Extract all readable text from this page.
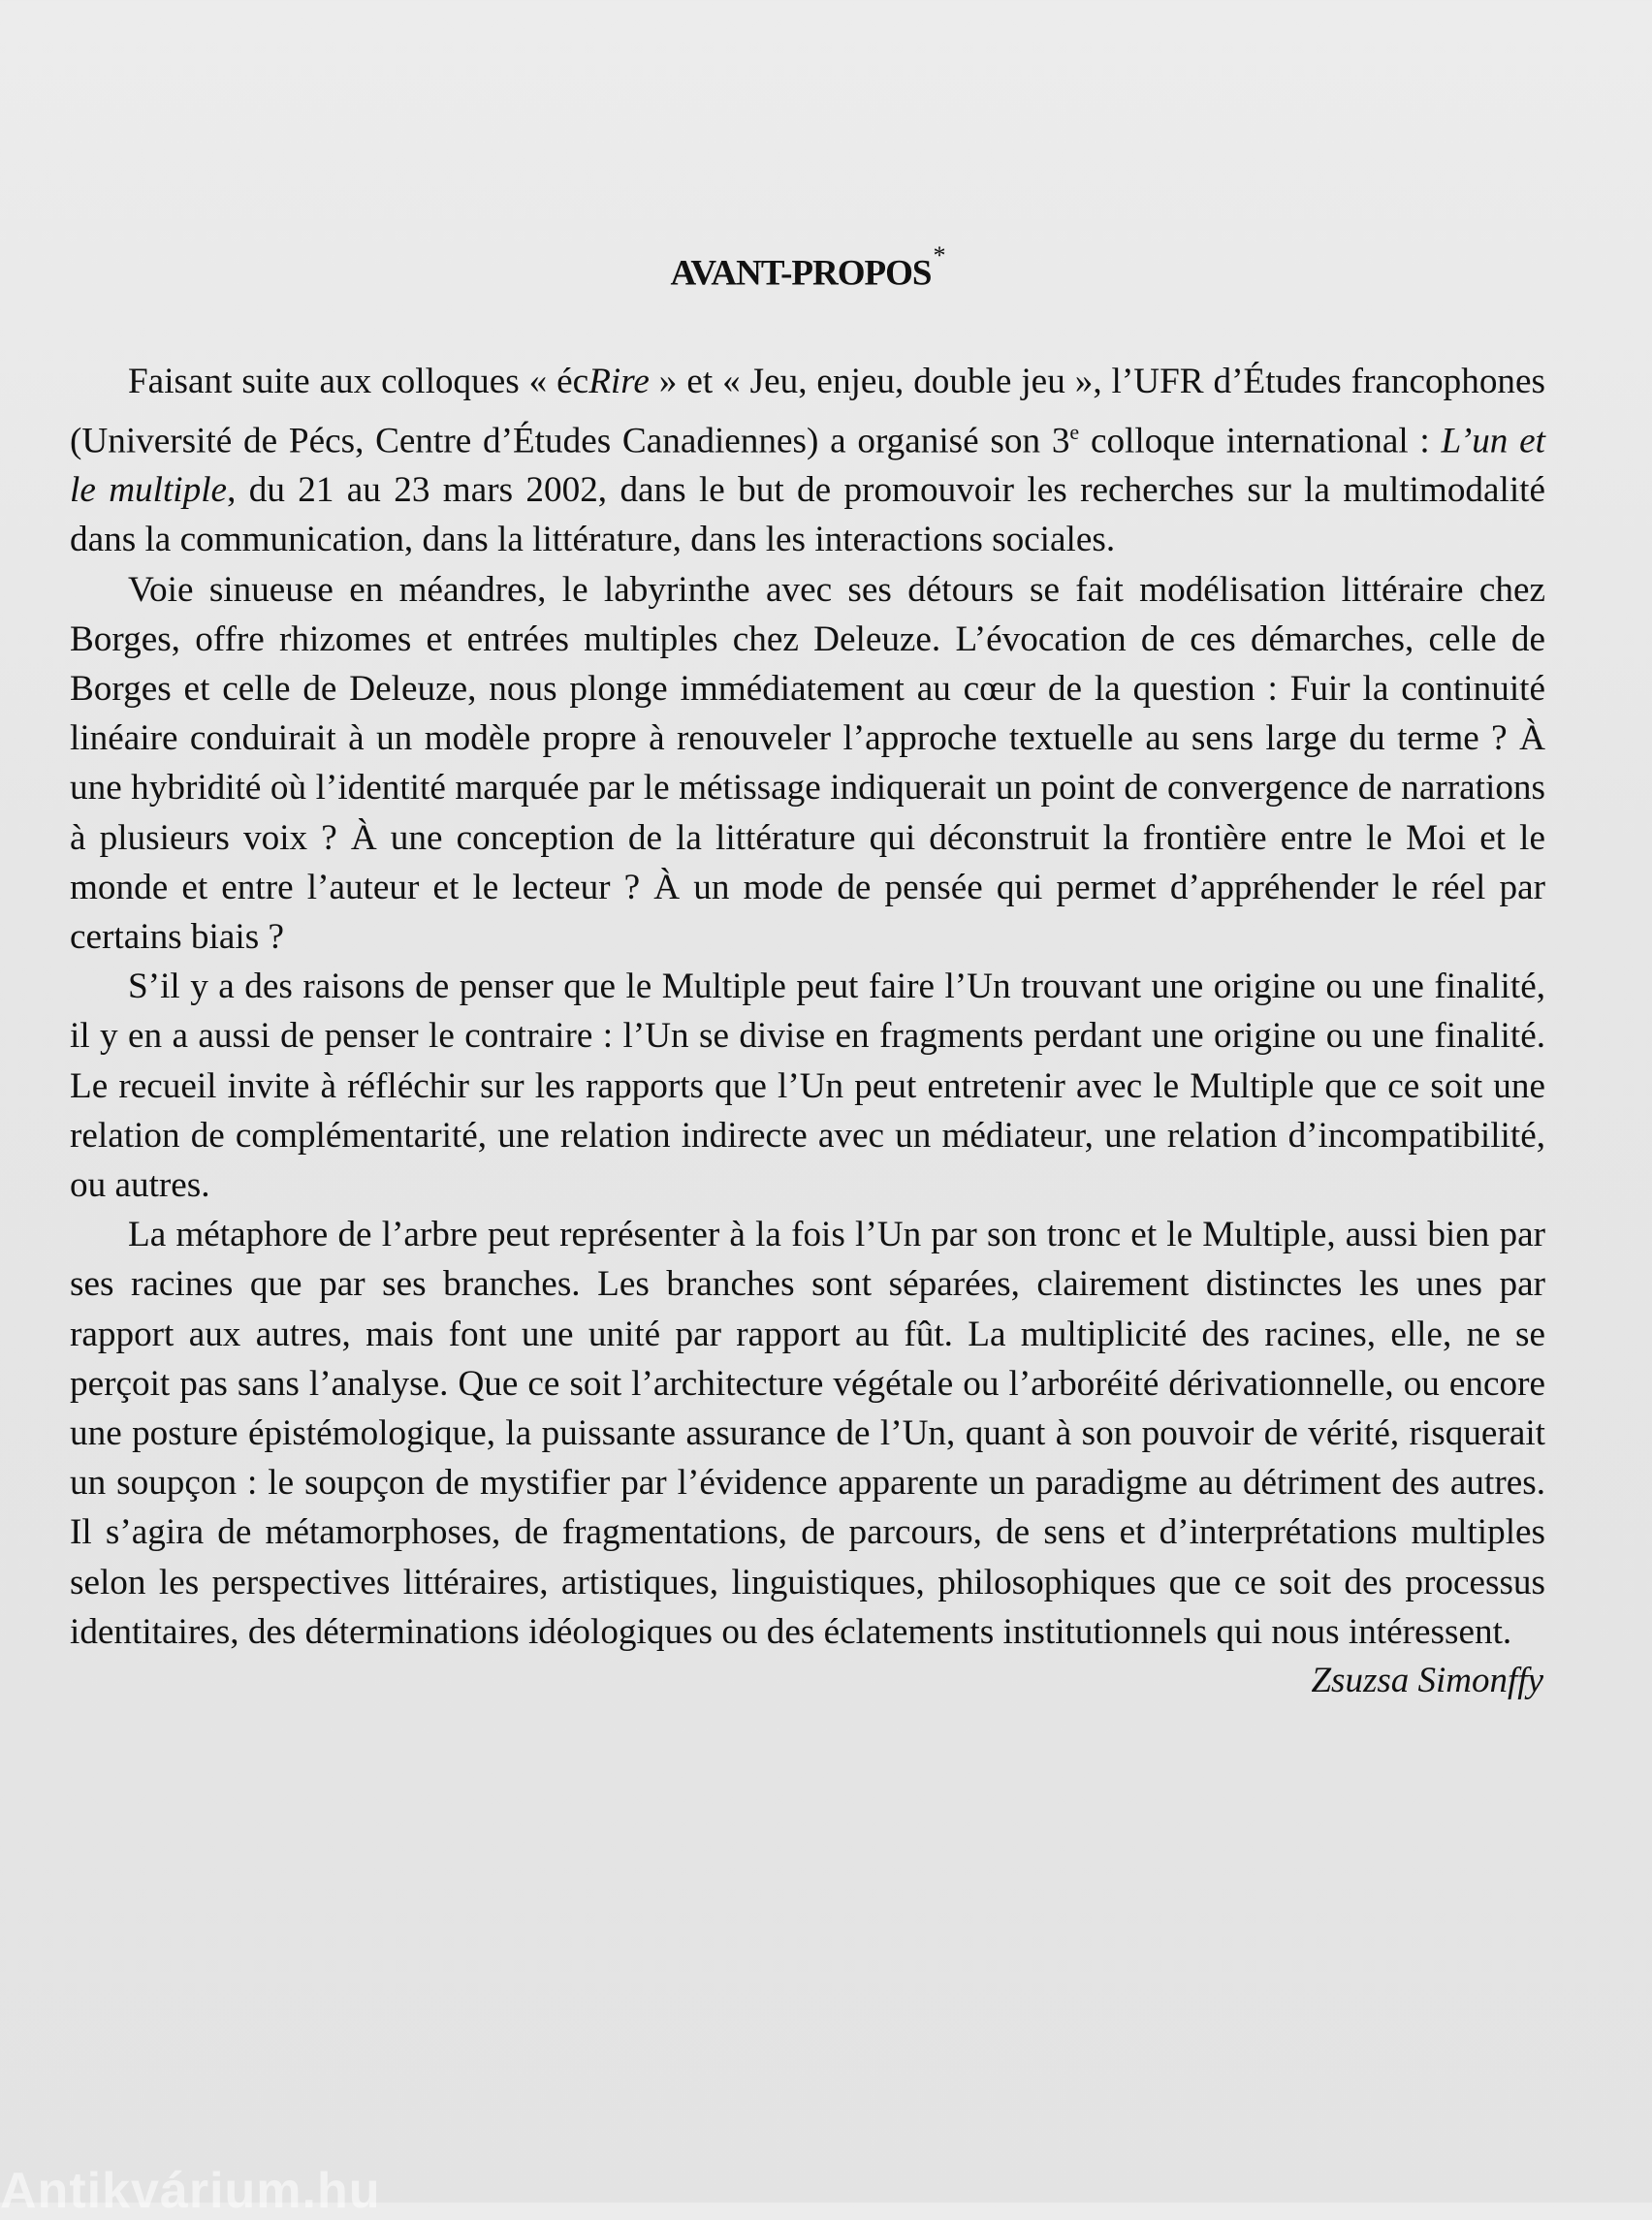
AVANT-PROPOS*

Faisant suite aux colloques « écRire » et « Jeu, enjeu, double jeu », l’UFR d’Études francophones (Université de Pécs, Centre d’Études Canadiennes) a organisé son 3e colloque international : L’un et le multiple, du 21 au 23 mars 2002, dans le but de promouvoir les recherches sur la multimodalité dans la communication, dans la littérature, dans les interactions sociales.

Voie sinueuse en méandres, le labyrinthe avec ses détours se fait modélisation littéraire chez Borges, offre rhizomes et entrées multiples chez Deleuze. L’évocation de ces démarches, celle de Borges et celle de Deleuze, nous plonge immédiatement au cœur de la question : Fuir la continuité linéaire conduirait à un modèle propre à renouveler l’approche textuelle au sens large du terme ? À une hybridité où l’identité marquée par le métissage indiquerait un point de convergence de narrations à plusieurs voix ? À une conception de la littérature qui déconstruit la frontière entre le Moi et le monde et entre l’auteur et le lecteur ? À un mode de pensée qui permet d’appréhender le réel par certains biais ?

S’il y a des raisons de penser que le Multiple peut faire l’Un trouvant une origine ou une finalité, il y en a aussi de penser le contraire : l’Un se divise en fragments perdant une origine ou une finalité. Le recueil invite à réfléchir sur les rapports que l’Un peut entretenir avec le Multiple que ce soit une relation de complémentarité, une relation indirecte avec un médiateur, une relation d’incompatibilité, ou autres.

La métaphore de l’arbre peut représenter à la fois l’Un par son tronc et le Multiple, aussi bien par ses racines que par ses branches. Les branches sont séparées, clairement distinctes les unes par rapport aux autres, mais font une unité par rapport au fût. La multiplicité des racines, elle, ne se perçoit pas sans l’analyse. Que ce soit l’architecture végétale ou l’arboréité dérivationnelle, ou encore une posture épistémologique, la puissante assurance de l’Un, quant à son pouvoir de vérité, risquerait un soupçon : le soupçon de mystifier par l’évidence apparente un paradigme au détriment des autres. Il s’agira de métamorphoses, de fragmentations, de parcours, de sens et d’interprétations multiples selon les perspectives littéraires, artistiques, linguistiques, philosophiques que ce soit des processus identitaires, des déterminations idéologiques ou des éclatements institutionnels qui nous intéressent.

Zsuzsa Simonffy
Antikvárium.hu
